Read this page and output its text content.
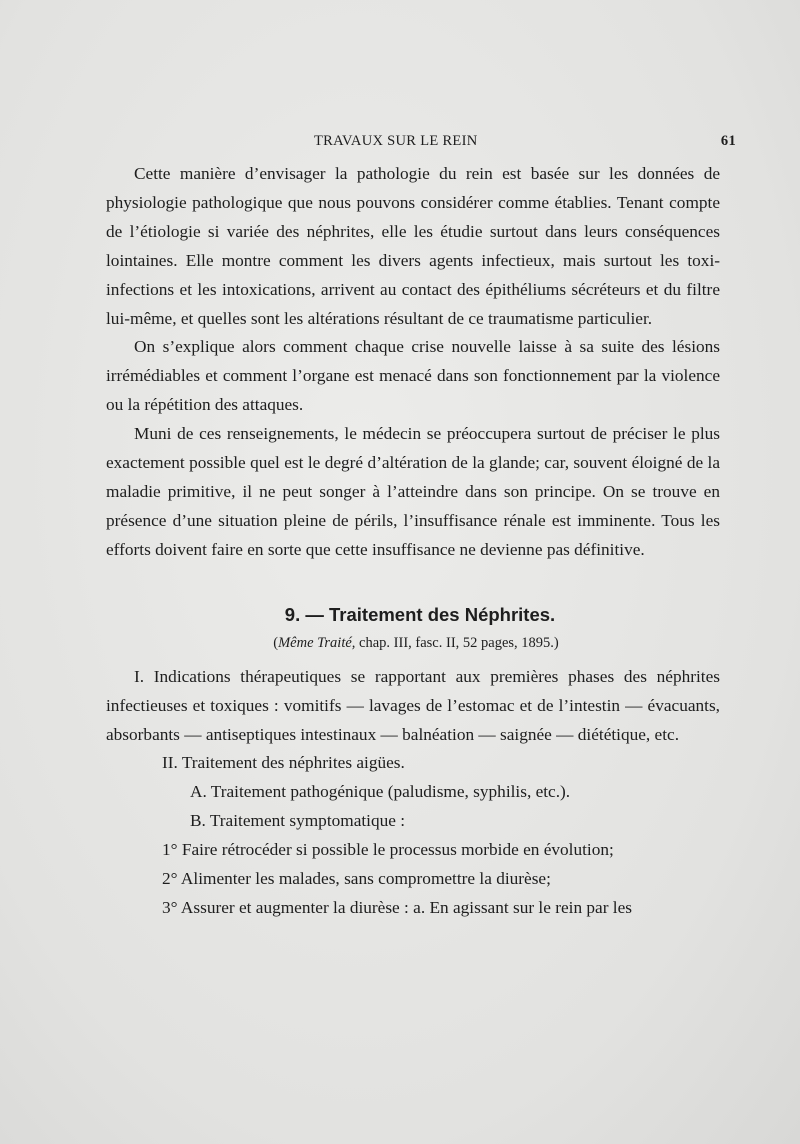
TRAVAUX SUR LE REIN	61

Cette manière d’envisager la pathologie du rein est basée sur les données de physiologie pathologique que nous pouvons considérer comme établies. Tenant compte de l’étiologie si variée des néphrites, elle les étudie surtout dans leurs conséquences lointaines. Elle montre comment les divers agents infectieux, mais surtout les toxi-infections et les intoxications, arrivent au contact des épithéliums sécréteurs et du filtre lui-même, et quelles sont les altérations résultant de ce traumatisme particulier.

On s’explique alors comment chaque crise nouvelle laisse à sa suite des lésions irrémédiables et comment l’organe est menacé dans son fonctionnement par la violence ou la répétition des attaques.

Muni de ces renseignements, le médecin se préoccupera surtout de préciser le plus exactement possible quel est le degré d’altération de la glande; car, souvent éloigné de la maladie primitive, il ne peut songer à l’atteindre dans son principe. On se trouve en présence d’une situation pleine de périls, l’insuffisance rénale est imminente. Tous les efforts doivent faire en sorte que cette insuffisance ne devienne pas définitive.

9. — Traitement des Néphrites.
(Même Traité, chap. III, fasc. II, 52 pages, 1895.)

I. Indications thérapeutiques se rapportant aux premières phases des néphrites infectieuses et toxiques : vomitifs — lavages de l’estomac et de l’intestin — évacuants, absorbants — antiseptiques intestinaux — balnéation — saignée — diététique, etc.

II. Traitement des néphrites aigües.

A. Traitement pathogénique (paludisme, syphilis, etc.).

B. Traitement symptomatique :

1° Faire rétrocéder si possible le processus morbide en évolution;

2° Alimenter les malades, sans compromettre la diurèse;

3° Assurer et augmenter la diurèse : a. En agissant sur le rein par les
